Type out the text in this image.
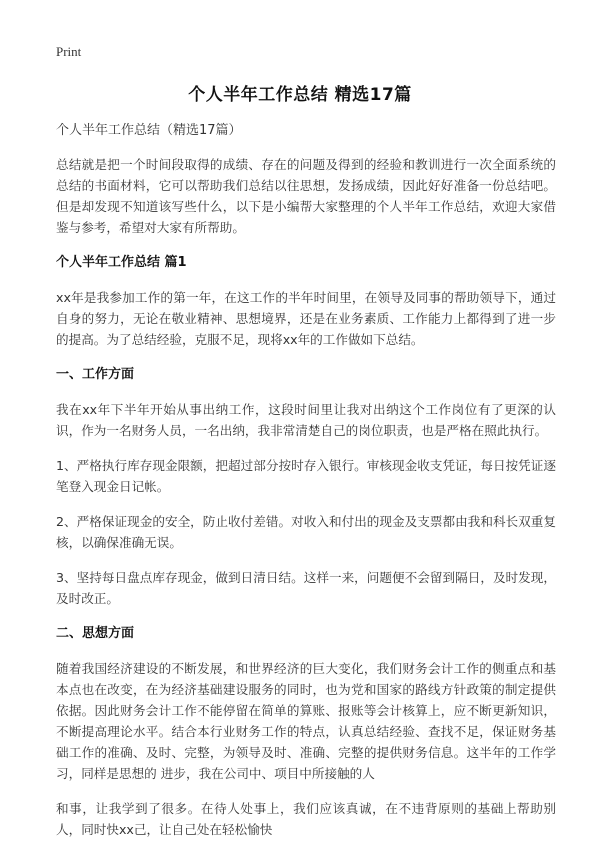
Print
个人半年工作总结 精选17篇

个人半年工作总结（精选17篇）

总结就是把一个时间段取得的成绩、存在的问题及得到的经验和教训进行一次全面系统的总结的书面材料，它可以帮助我们总结以往思想，发扬成绩，因此好好准备一份总结吧。但是却发现不知道该写些什么，以下是小编帮大家整理的个人半年工作总结，欢迎大家借鉴与参考，希望对大家有所帮助。

个人半年工作总结 篇1

xx年是我参加工作的第一年，在这工作的半年时间里，在领导及同事的帮助领导下，通过自身的努力，无论在敬业精神、思想境界，还是在业务素质、工作能力上都得到了进一步的提高。为了总结经验，克服不足，现将xx年的工作做如下总结。

一、工作方面

我在xx年下半年开始从事出纳工作，这段时间里让我对出纳这个工作岗位有了更深的认识，作为一名财务人员，一名出纳，我非常清楚自己的岗位职责，也是严格在照此执行。

1、严格执行库存现金限额，把超过部分按时存入银行。审核现金收支凭证，每日按凭证逐笔登入现金日记帐。

2、严格保证现金的安全，防止收付差错。对收入和付出的现金及支票都由我和科长双重复核，以确保准确无误。

3、坚持每日盘点库存现金，做到日清日结。这样一来，问题便不会留到隔日，及时发现，及时改正。

二、思想方面

随着我国经济建设的不断发展，和世界经济的巨大变化，我们财务会计工作的侧重点和基本点也在改变，在为经济基础建设服务的同时，也为党和国家的路线方针政策的制定提供依据。因此财务会计工作不能停留在简单的算账、报账等会计核算上，应不断更新知识，不断提高理论水平。结合本行业财务工作的特点，认真总结经验、查找不足，保证财务基础工作的准确、及时、完整，为领导及时、准确、完整的提供财务信息。这半年的工作学习，同样是思想的 进步，我在公司中、项目中所接触的人

和事，让我学到了很多。在待人处事上，我们应该真诚，在不违背原则的基础上帮助别人，同时快xx己，让自己处在轻松愉快
